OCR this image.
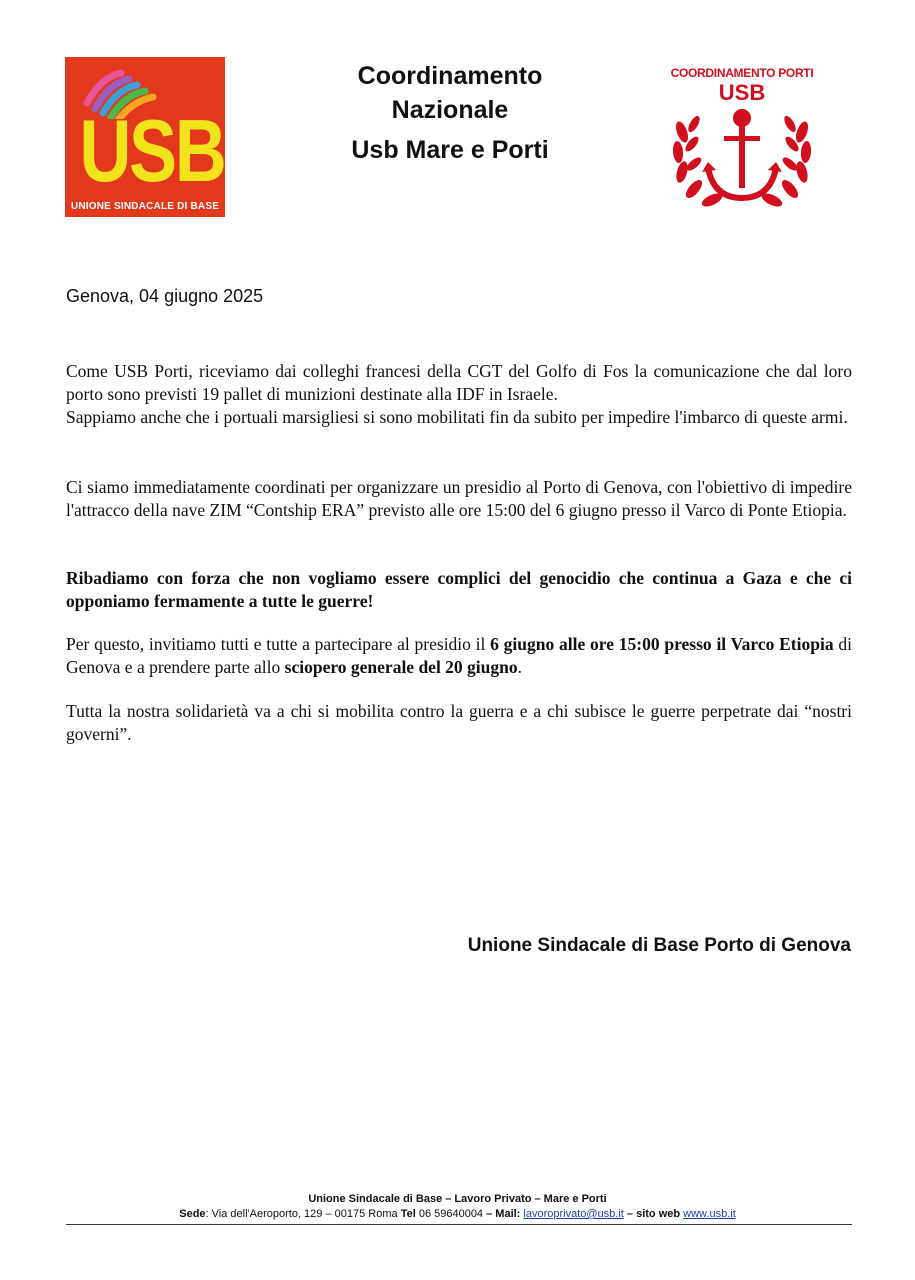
USB
UNIONE SINDACALE DI BASE
Coordinamento
Nazionale
Usb Mare e Porti
COORDINAMENTO PORTI
USB
Genova, 04 giugno 2025

Come USB Porti, riceviamo dai colleghi francesi della CGT del Golfo di Fos la comunicazione che dal loro porto sono previsti 19 pallet di munizioni destinate alla IDF in Israele.

Sappiamo anche che i portuali marsigliesi si sono mobilitati fin da subito per impedire l'imbarco di queste armi.

Ci siamo immediatamente coordinati per organizzare un presidio al Porto di Genova, con l'obiettivo di impedire l'attracco della nave ZIM “Contship ERA” previsto alle ore 15:00 del 6 giugno presso il Varco di Ponte Etiopia.

Ribadiamo con forza che non vogliamo essere complici del genocidio che continua a Gaza e che ci opponiamo fermamente a tutte le guerre!

Per questo, invitiamo tutti e tutte a partecipare al presidio il 6 giugno alle ore 15:00 presso il Varco Etiopia di Genova e a prendere parte allo sciopero generale del 20 giugno.

Tutta la nostra solidarietà va a chi si mobilita contro la guerra e a chi subisce le guerre perpetrate dai “nostri governi”.

Unione Sindacale di Base Porto di Genova
Unione Sindacale di Base – Lavoro Privato – Mare e Porti
Sede: Via dell'Aeroporto, 129 – 00175 Roma Tel 06 59640004 – Mail: lavoroprivato@usb.it – sito web www.usb.it
